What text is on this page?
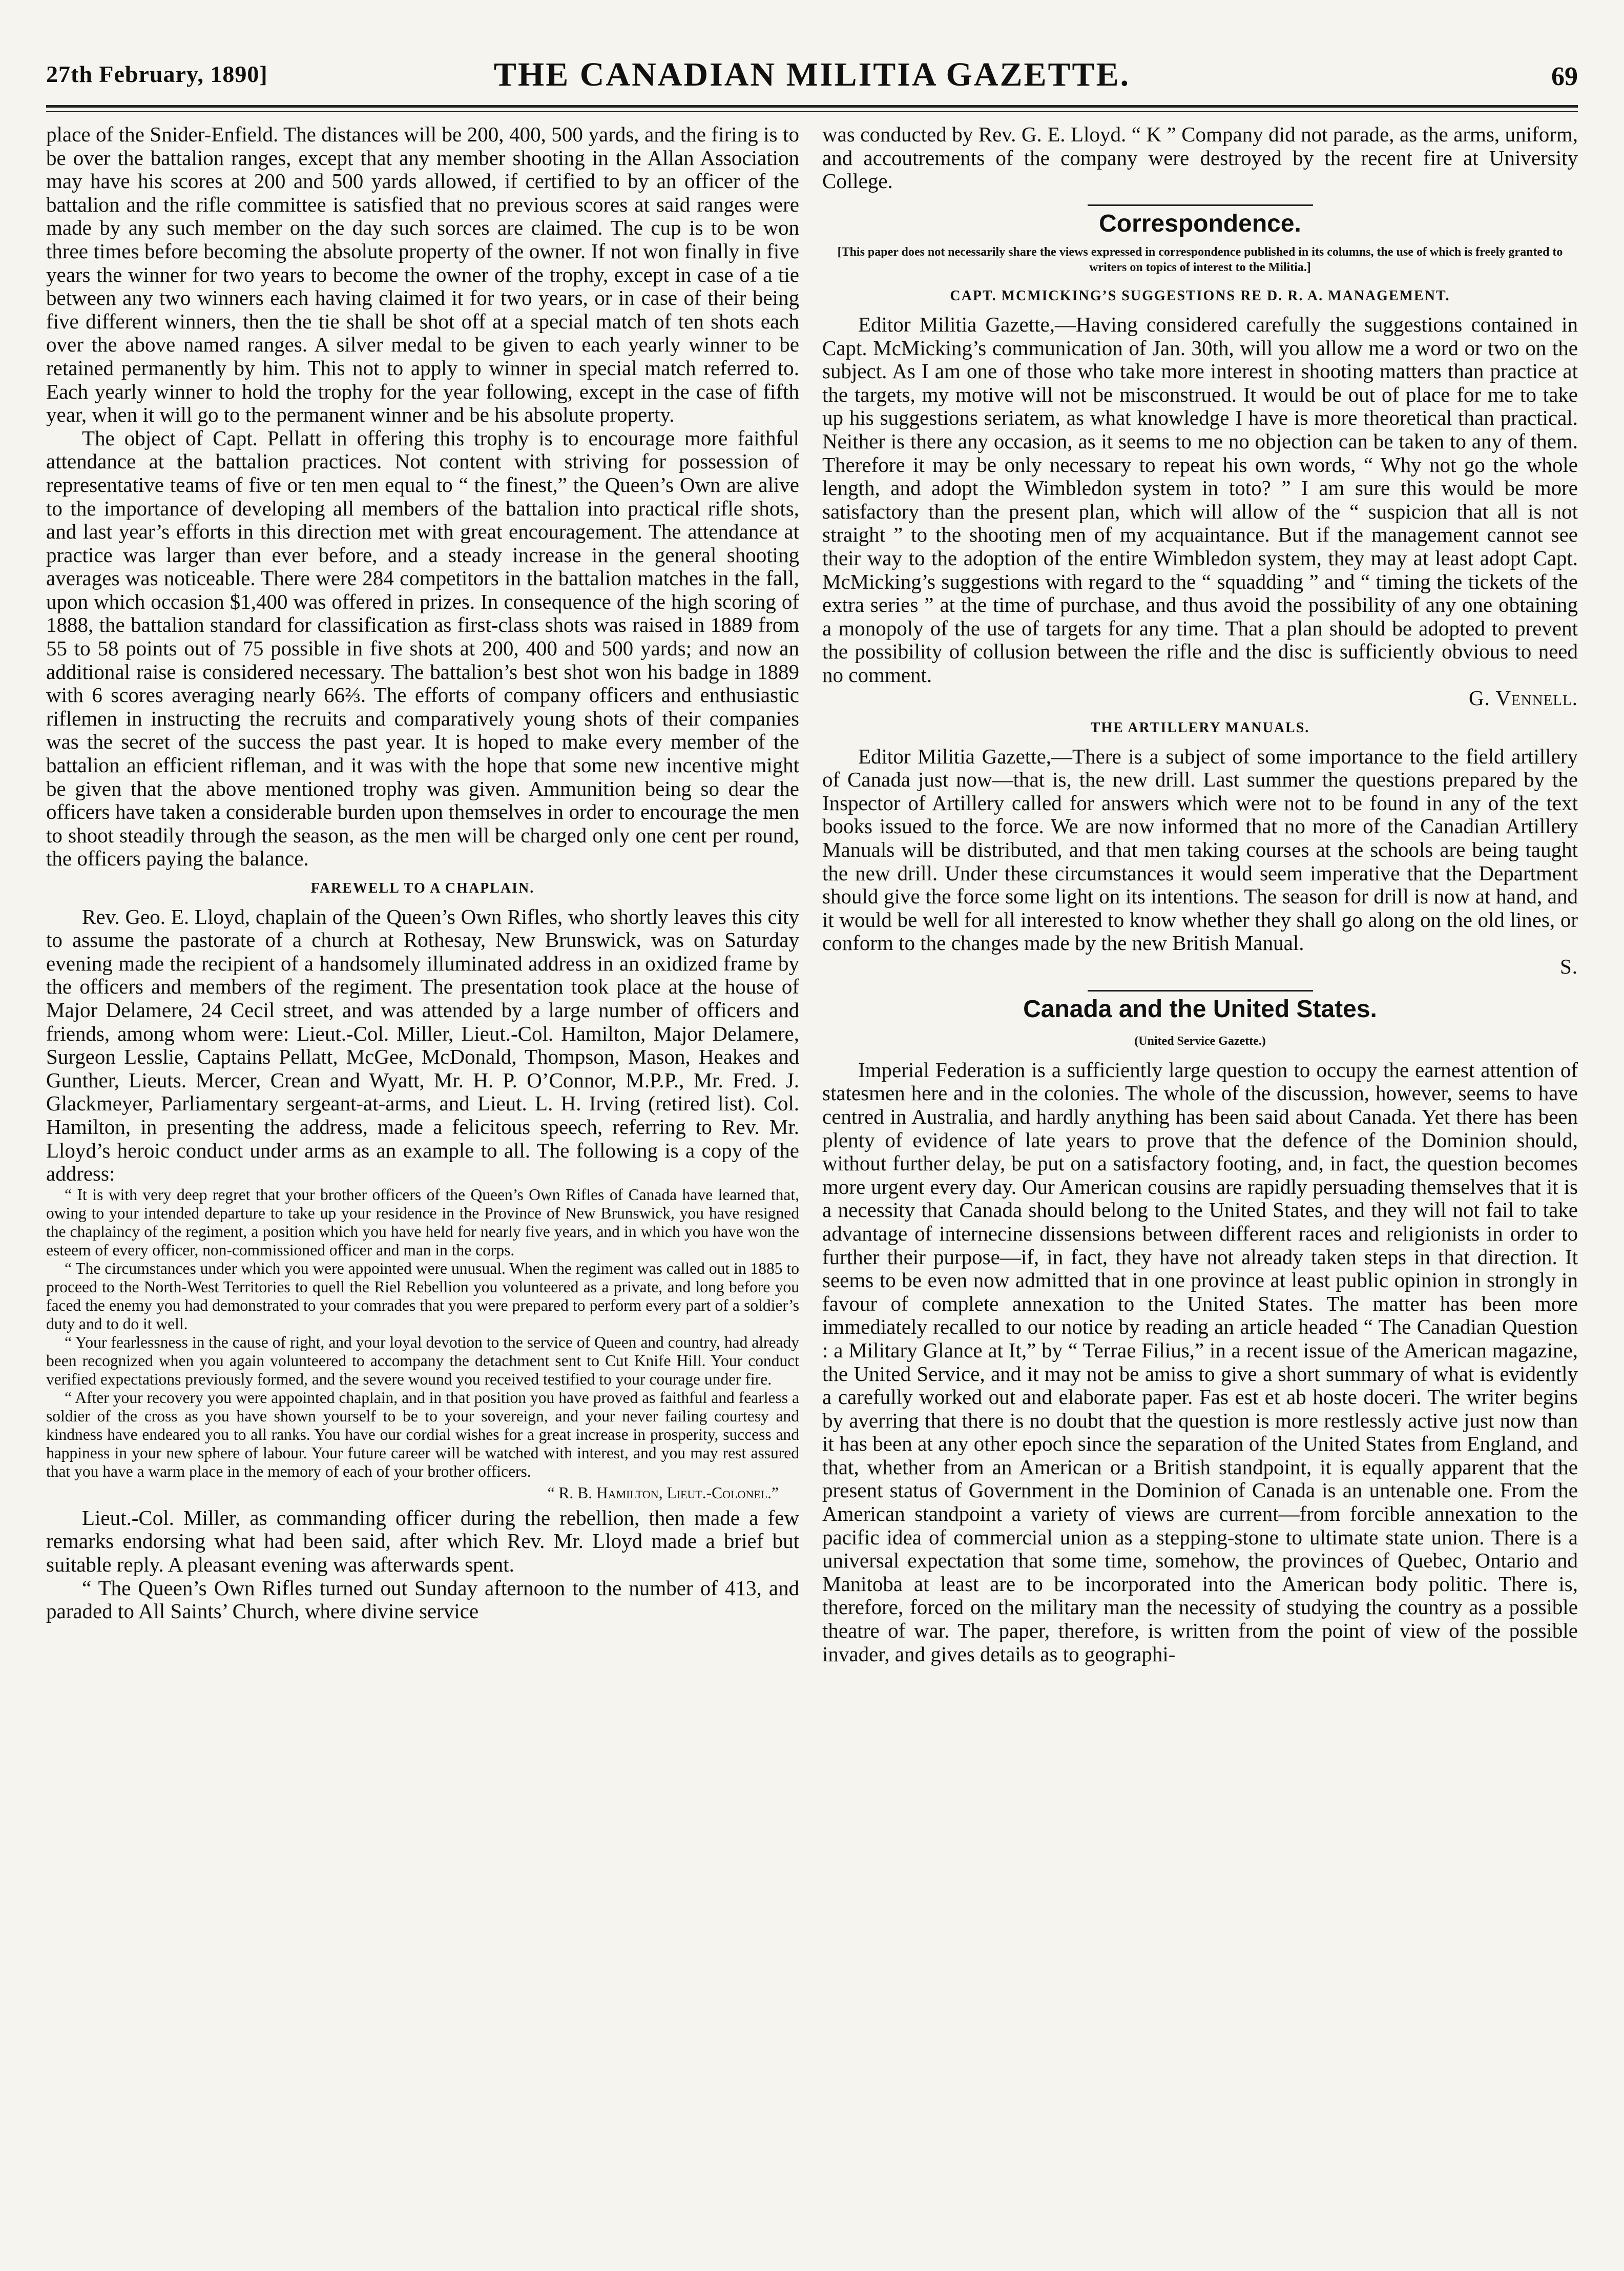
27th February, 1890]	THE CANADIAN MILITIA GAZETTE.	69

place of the Snider-Enfield. The distances will be 200, 400, 500 yards, and the firing is to be over the battalion ranges, except that any member shooting in the Allan Association may have his scores at 200 and 500 yards allowed, if certified to by an officer of the battalion and the rifle committee is satisfied that no previous scores at said ranges were made by any such member on the day such sorces are claimed. The cup is to be won three times before becoming the absolute property of the owner. If not won finally in five years the winner for two years to become the owner of the trophy, except in case of a tie between any two winners each having claimed it for two years, or in case of their being five different winners, then the tie shall be shot off at a special match of ten shots each over the above named ranges. A silver medal to be given to each yearly winner to be retained permanently by him. This not to apply to winner in special match referred to. Each yearly winner to hold the trophy for the year following, except in the case of fifth year, when it will go to the permanent winner and be his absolute property.

The object of Capt. Pellatt in offering this trophy is to encourage more faithful attendance at the battalion practices. Not content with striving for possession of representative teams of five or ten men equal to “ the finest,” the Queen’s Own are alive to the importance of developing all members of the battalion into practical rifle shots, and last year’s efforts in this direction met with great encouragement. The attendance at practice was larger than ever before, and a steady increase in the general shooting averages was noticeable. There were 284 competitors in the battalion matches in the fall, upon which occasion $1,400 was offered in prizes. In consequence of the high scoring of 1888, the battalion standard for classification as first-class shots was raised in 1889 from 55 to 58 points out of 75 possible in five shots at 200, 400 and 500 yards; and now an additional raise is considered necessary. The battalion’s best shot won his badge in 1889 with 6 scores averaging nearly 66⅔. The efforts of company officers and enthusiastic riflemen in instructing the recruits and comparatively young shots of their companies was the secret of the success the past year. It is hoped to make every member of the battalion an efficient rifleman, and it was with the hope that some new incentive might be given that the above mentioned trophy was given. Ammunition being so dear the officers have taken a considerable burden upon themselves in order to encourage the men to shoot steadily through the season, as the men will be charged only one cent per round, the officers paying the balance.

FAREWELL TO A CHAPLAIN.

Rev. Geo. E. Lloyd, chaplain of the Queen’s Own Rifles, who shortly leaves this city to assume the pastorate of a church at Rothesay, New Brunswick, was on Saturday evening made the recipient of a handsomely illuminated address in an oxidized frame by the officers and members of the regiment. The presentation took place at the house of Major Delamere, 24 Cecil street, and was attended by a large number of officers and friends, among whom were: Lieut.-Col. Miller, Lieut.-Col. Hamilton, Major Delamere, Surgeon Lesslie, Captains Pellatt, McGee, McDonald, Thompson, Mason, Heakes and Gunther, Lieuts. Mercer, Crean and Wyatt, Mr. H. P. O’Connor, M.P.P., Mr. Fred. J. Glackmeyer, Parliamentary sergeant-at-arms, and Lieut. L. H. Irving (retired list). Col. Hamilton, in presenting the address, made a felicitous speech, referring to Rev. Mr. Lloyd’s heroic conduct under arms as an example to all. The following is a copy of the address:

“ It is with very deep regret that your brother officers of the Queen’s Own Rifles of Canada have learned that, owing to your intended departure to take up your residence in the Province of New Brunswick, you have resigned the chaplaincy of the regiment, a position which you have held for nearly five years, and in which you have won the esteem of every officer, non-commissioned officer and man in the corps.

“ The circumstances under which you were appointed were unusual. When the regiment was called out in 1885 to proceed to the North-West Territories to quell the Riel Rebellion you volunteered as a private, and long before you faced the enemy you had demonstrated to your comrades that you were prepared to perform every part of a soldier’s duty and to do it well.

“ Your fearlessness in the cause of right, and your loyal devotion to the service of Queen and country, had already been recognized when you again volunteered to accompany the detachment sent to Cut Knife Hill. Your conduct verified expectations previously formed, and the severe wound you received testified to your courage under fire.

“ After your recovery you were appointed chaplain, and in that position you have proved as faithful and fearless a soldier of the cross as you have shown yourself to be to your sovereign, and your never failing courtesy and kindness have endeared you to all ranks. You have our cordial wishes for a great increase in prosperity, success and happiness in your new sphere of labour. Your future career will be watched with interest, and you may rest assured that you have a warm place in the memory of each of your brother officers.

“ R. B. Hamilton, Lieut.-Colonel.”

Lieut.-Col. Miller, as commanding officer during the rebellion, then made a few remarks endorsing what had been said, after which Rev. Mr. Lloyd made a brief but suitable reply. A pleasant evening was afterwards spent.

“ The Queen’s Own Rifles turned out Sunday afternoon to the number of 413, and paraded to All Saints’ Church, where divine service

was conducted by Rev. G. E. Lloyd. “ K ” Company did not parade, as the arms, uniform, and accoutrements of the company were destroyed by the recent fire at University College.

Correspondence.
[This paper does not necessarily share the views expressed in correspondence published in its columns, the use of which is freely granted to writers on topics of interest to the Militia.]
CAPT. MCMICKING’S SUGGESTIONS RE D. R. A. MANAGEMENT.

Editor Militia Gazette,—Having considered carefully the suggestions contained in Capt. McMicking’s communication of Jan. 30th, will you allow me a word or two on the subject. As I am one of those who take more interest in shooting matters than practice at the targets, my motive will not be misconstrued. It would be out of place for me to take up his suggestions seriatem, as what knowledge I have is more theoretical than practical. Neither is there any occasion, as it seems to me no objection can be taken to any of them. Therefore it may be only necessary to repeat his own words, “ Why not go the whole length, and adopt the Wimbledon system in toto? ” I am sure this would be more satisfactory than the present plan, which will allow of the “ suspicion that all is not straight ” to the shooting men of my acquaintance. But if the management cannot see their way to the adoption of the entire Wimbledon system, they may at least adopt Capt. McMicking’s suggestions with regard to the “ squadding ” and “ timing the tickets of the extra series ” at the time of purchase, and thus avoid the possibility of any one obtaining a monopoly of the use of targets for any time. That a plan should be adopted to prevent the possibility of collusion between the rifle and the disc is sufficiently obvious to need no comment.

G. Vennell.

THE ARTILLERY MANUALS.

Editor Militia Gazette,—There is a subject of some importance to the field artillery of Canada just now—that is, the new drill. Last summer the questions prepared by the Inspector of Artillery called for answers which were not to be found in any of the text books issued to the force. We are now informed that no more of the Canadian Artillery Manuals will be distributed, and that men taking courses at the schools are being taught the new drill. Under these circumstances it would seem imperative that the Department should give the force some light on its intentions. The season for drill is now at hand, and it would be well for all interested to know whether they shall go along on the old lines, or conform to the changes made by the new British Manual.

S.

Canada and the United States.
(United Service Gazette.)

Imperial Federation is a sufficiently large question to occupy the earnest attention of statesmen here and in the colonies. The whole of the discussion, however, seems to have centred in Australia, and hardly anything has been said about Canada. Yet there has been plenty of evidence of late years to prove that the defence of the Dominion should, without further delay, be put on a satisfactory footing, and, in fact, the question becomes more urgent every day. Our American cousins are rapidly persuading themselves that it is a necessity that Canada should belong to the United States, and they will not fail to take advantage of internecine dissensions between different races and religionists in order to further their purpose—if, in fact, they have not already taken steps in that direction. It seems to be even now admitted that in one province at least public opinion in strongly in favour of complete annexation to the United States. The matter has been more immediately recalled to our notice by reading an article headed “ The Canadian Question : a Military Glance at It,” by “ Terrae Filius,” in a recent issue of the American magazine, the United Service, and it may not be amiss to give a short summary of what is evidently a carefully worked out and elaborate paper. Fas est et ab hoste doceri. The writer begins by averring that there is no doubt that the question is more restlessly active just now than it has been at any other epoch since the separation of the United States from England, and that, whether from an American or a British standpoint, it is equally apparent that the present status of Government in the Dominion of Canada is an untenable one. From the American standpoint a variety of views are current—from forcible annexation to the pacific idea of commercial union as a stepping-stone to ultimate state union. There is a universal expectation that some time, somehow, the provinces of Quebec, Ontario and Manitoba at least are to be incorporated into the American body politic. There is, therefore, forced on the military man the necessity of studying the country as a possible theatre of war. The paper, therefore, is written from the point of view of the possible invader, and gives details as to geographi-
